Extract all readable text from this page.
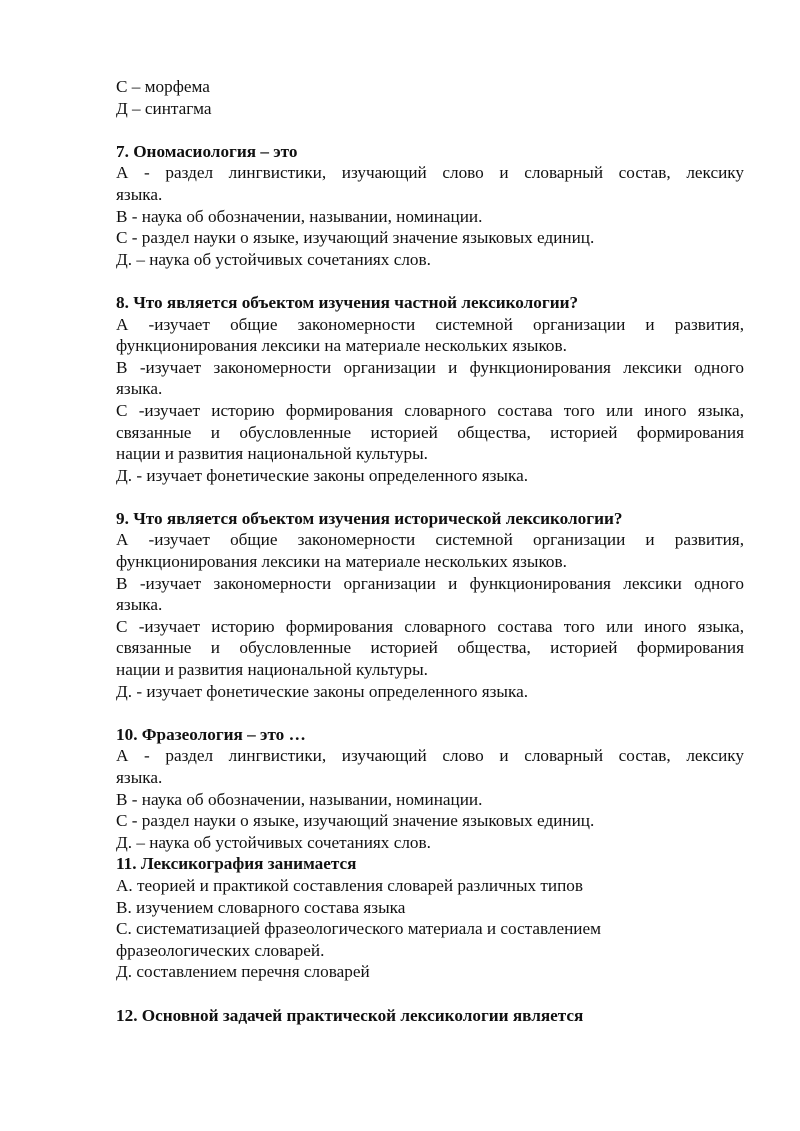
С – морфема
Д – синтагма
7. Ономасиология – это
А - раздел лингвистики, изучающий слово и словарный состав, лексику
языка.
В - наука об обозначении, назывании, номинации.
С - раздел науки о языке, изучающий значение языковых единиц.
Д. – наука об устойчивых сочетаниях слов.
8. Что является объектом изучения частной лексикологии?
А -изучает общие закономерности системной организации и развития,
функционирования лексики на материале нескольких языков.
В -изучает закономерности организации и функционирования лексики одного
языка.
С -изучает историю формирования словарного состава того или иного языка,
связанные и обусловленные историей общества, историей формирования
нации и развития национальной культуры.
Д. - изучает фонетические законы определенного языка.
9. Что является объектом изучения исторической лексикологии?
А -изучает общие закономерности системной организации и развития,
функционирования лексики на материале нескольких языков.
В -изучает закономерности организации и функционирования лексики одного
языка.
С -изучает историю формирования словарного состава того или иного языка,
связанные и обусловленные историей общества, историей формирования
нации и развития национальной культуры.
Д. - изучает фонетические законы определенного языка.
10. Фразеология – это …
А - раздел лингвистики, изучающий слово и словарный состав, лексику
языка.
В - наука об обозначении, назывании, номинации.
С - раздел науки о языке, изучающий значение языковых единиц.
Д. – наука об устойчивых сочетаниях слов.
11. Лексикография занимается
А. теорией и практикой составления словарей различных типов
В. изучением словарного состава языка
С. систематизацией фразеологического материала и составлением
фразеологических словарей.
Д. составлением перечня словарей
12. Основной задачей практической лексикологии является
